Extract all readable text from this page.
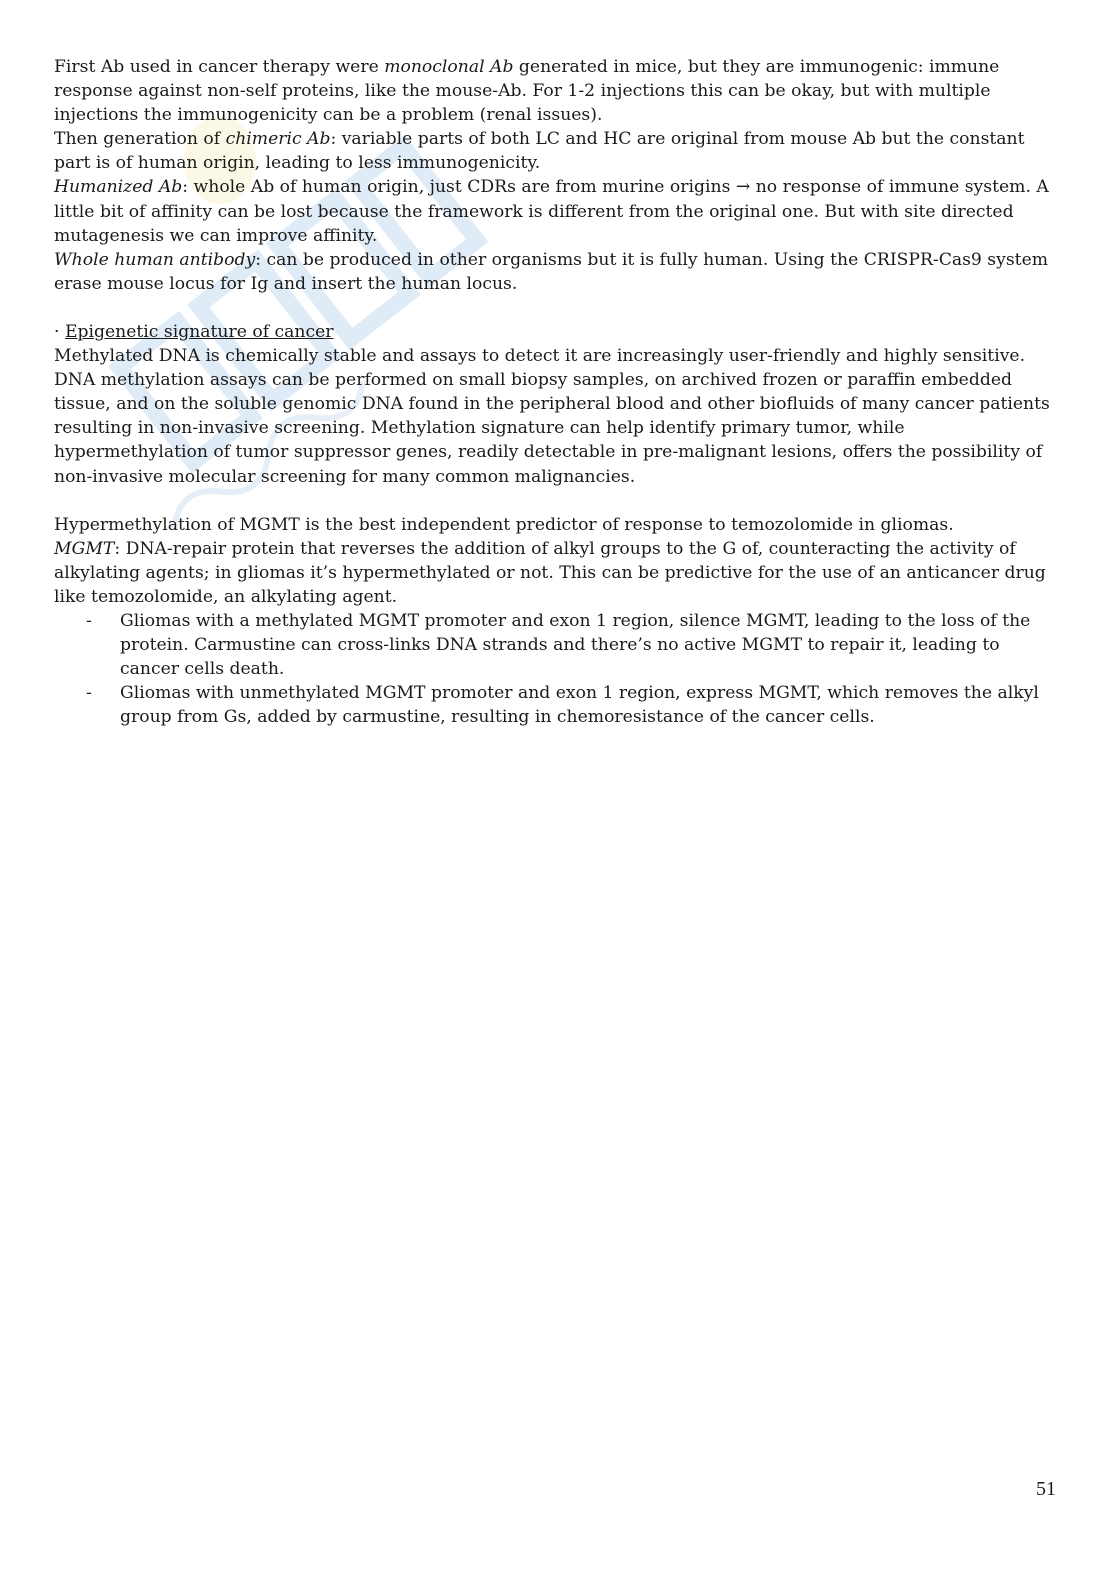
First Ab used in cancer therapy were monoclonal Ab generated in mice, but they are immunogenic: immune response against non-self proteins, like the mouse-Ab. For 1-2 injections this can be okay, but with multiple injections the immunogenicity can be a problem (renal issues).

Then generation of chimeric Ab: variable parts of both LC and HC are original from mouse Ab but the constant part is of human origin, leading to less immunogenicity.

Humanized Ab: whole Ab of human origin, just CDRs are from murine origins → no response of immune system. A little bit of affinity can be lost because the framework is different from the original one. But with site directed mutagenesis we can improve affinity.

Whole human antibody: can be produced in other organisms but it is fully human. Using the CRISPR-Cas9 system erase mouse locus for Ig and insert the human locus.

· Epigenetic signature of cancer

Methylated DNA is chemically stable and assays to detect it are increasingly user-friendly and highly sensitive. DNA methylation assays can be performed on small biopsy samples, on archived frozen or paraffin embedded tissue, and on the soluble genomic DNA found in the peripheral blood and other biofluids of many cancer patients resulting in non-invasive screening. Methylation signature can help identify primary tumor, while hypermethylation of tumor suppressor genes, readily detectable in pre-malignant lesions, offers the possibility of non-invasive molecular screening for many common malignancies.

Hypermethylation of MGMT is the best independent predictor of response to temozolomide in gliomas.

MGMT: DNA-repair protein that reverses the addition of alkyl groups to the G of, counteracting the activity of alkylating agents; in gliomas it’s hypermethylated or not. This can be predictive for the use of an anticancer drug like temozolomide, an alkylating agent.

- Gliomas with a methylated MGMT promoter and exon 1 region, silence MGMT, leading to the loss of the protein. Carmustine can cross-links DNA strands and there’s no active MGMT to repair it, leading to cancer cells death.
- Gliomas with unmethylated MGMT promoter and exon 1 region, express MGMT, which removes the alkyl group from Gs, added by carmustine, resulting in chemoresistance of the cancer cells.
51
